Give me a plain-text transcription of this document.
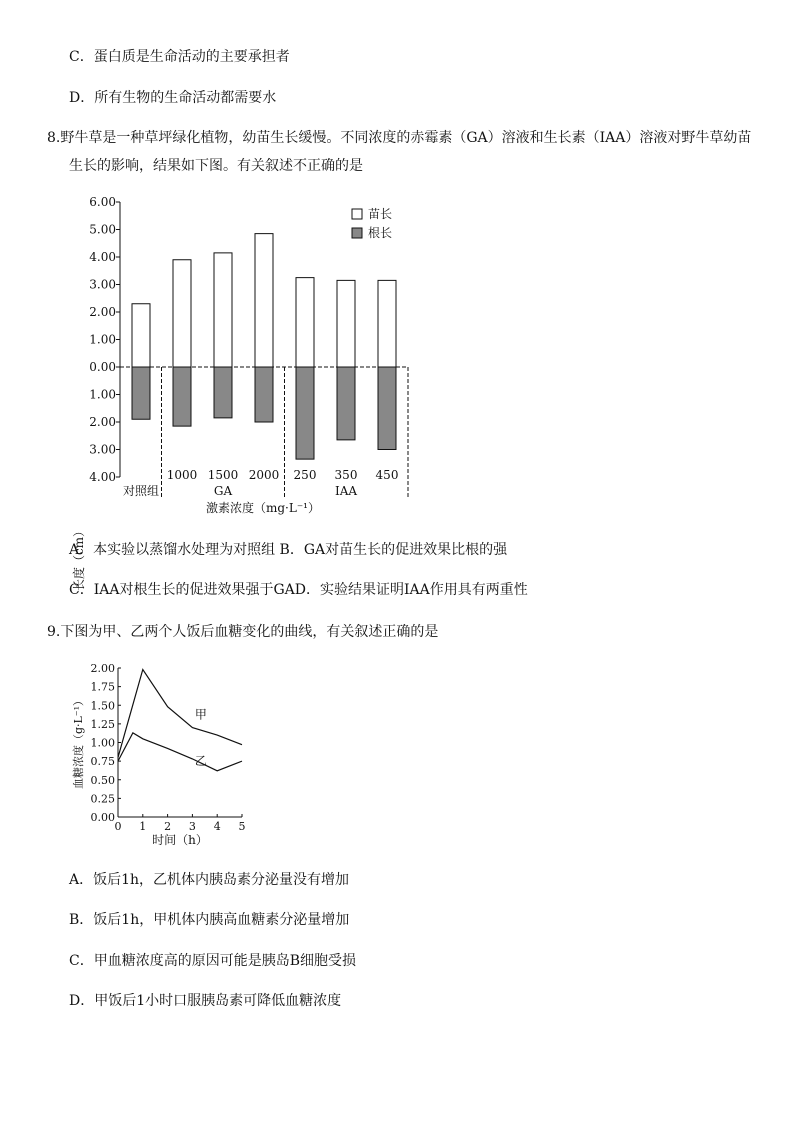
C．蛋白质是生命活动的主要承担者
D．所有生物的生命活动都需要水
8.野牛草是一种草坪绿化植物，幼苗生长缓慢。不同浓度的赤霉素（GA）溶液和生长素（IAA）溶液对野牛草幼苗
生长的影响，结果如下图。有关叙述不正确的是
6.00
5.00
4.00
3.00
2.00
1.00
0.00
1.00
2.00
3.00
4.00
对照组
1000 1500 2000 250 350 450
GA	IAA
长度（cm）
激素浓度（mg·L⁻¹）
苗长
根长
A．本实验以蒸馏水处理为对照组 B．GA对苗生长的促进效果比根的强
C．IAA对根生长的促进效果强于GAD．实验结果证明IAA作用具有两重性
9.下图为甲、乙两个人饭后血糖变化的曲线，有关叙述正确的是
0.00
0.25
0.50
0.75
1.00
1.25
1.50
1.75
2.00
0 1 2 3 4 5
甲
乙
血糖浓度（g·L⁻¹）
时间（h）
A．饭后1h，乙机体内胰岛素分泌量没有增加
B．饭后1h，甲机体内胰高血糖素分泌量增加
C．甲血糖浓度高的原因可能是胰岛B细胞受损
D．甲饭后1小时口服胰岛素可降低血糖浓度
